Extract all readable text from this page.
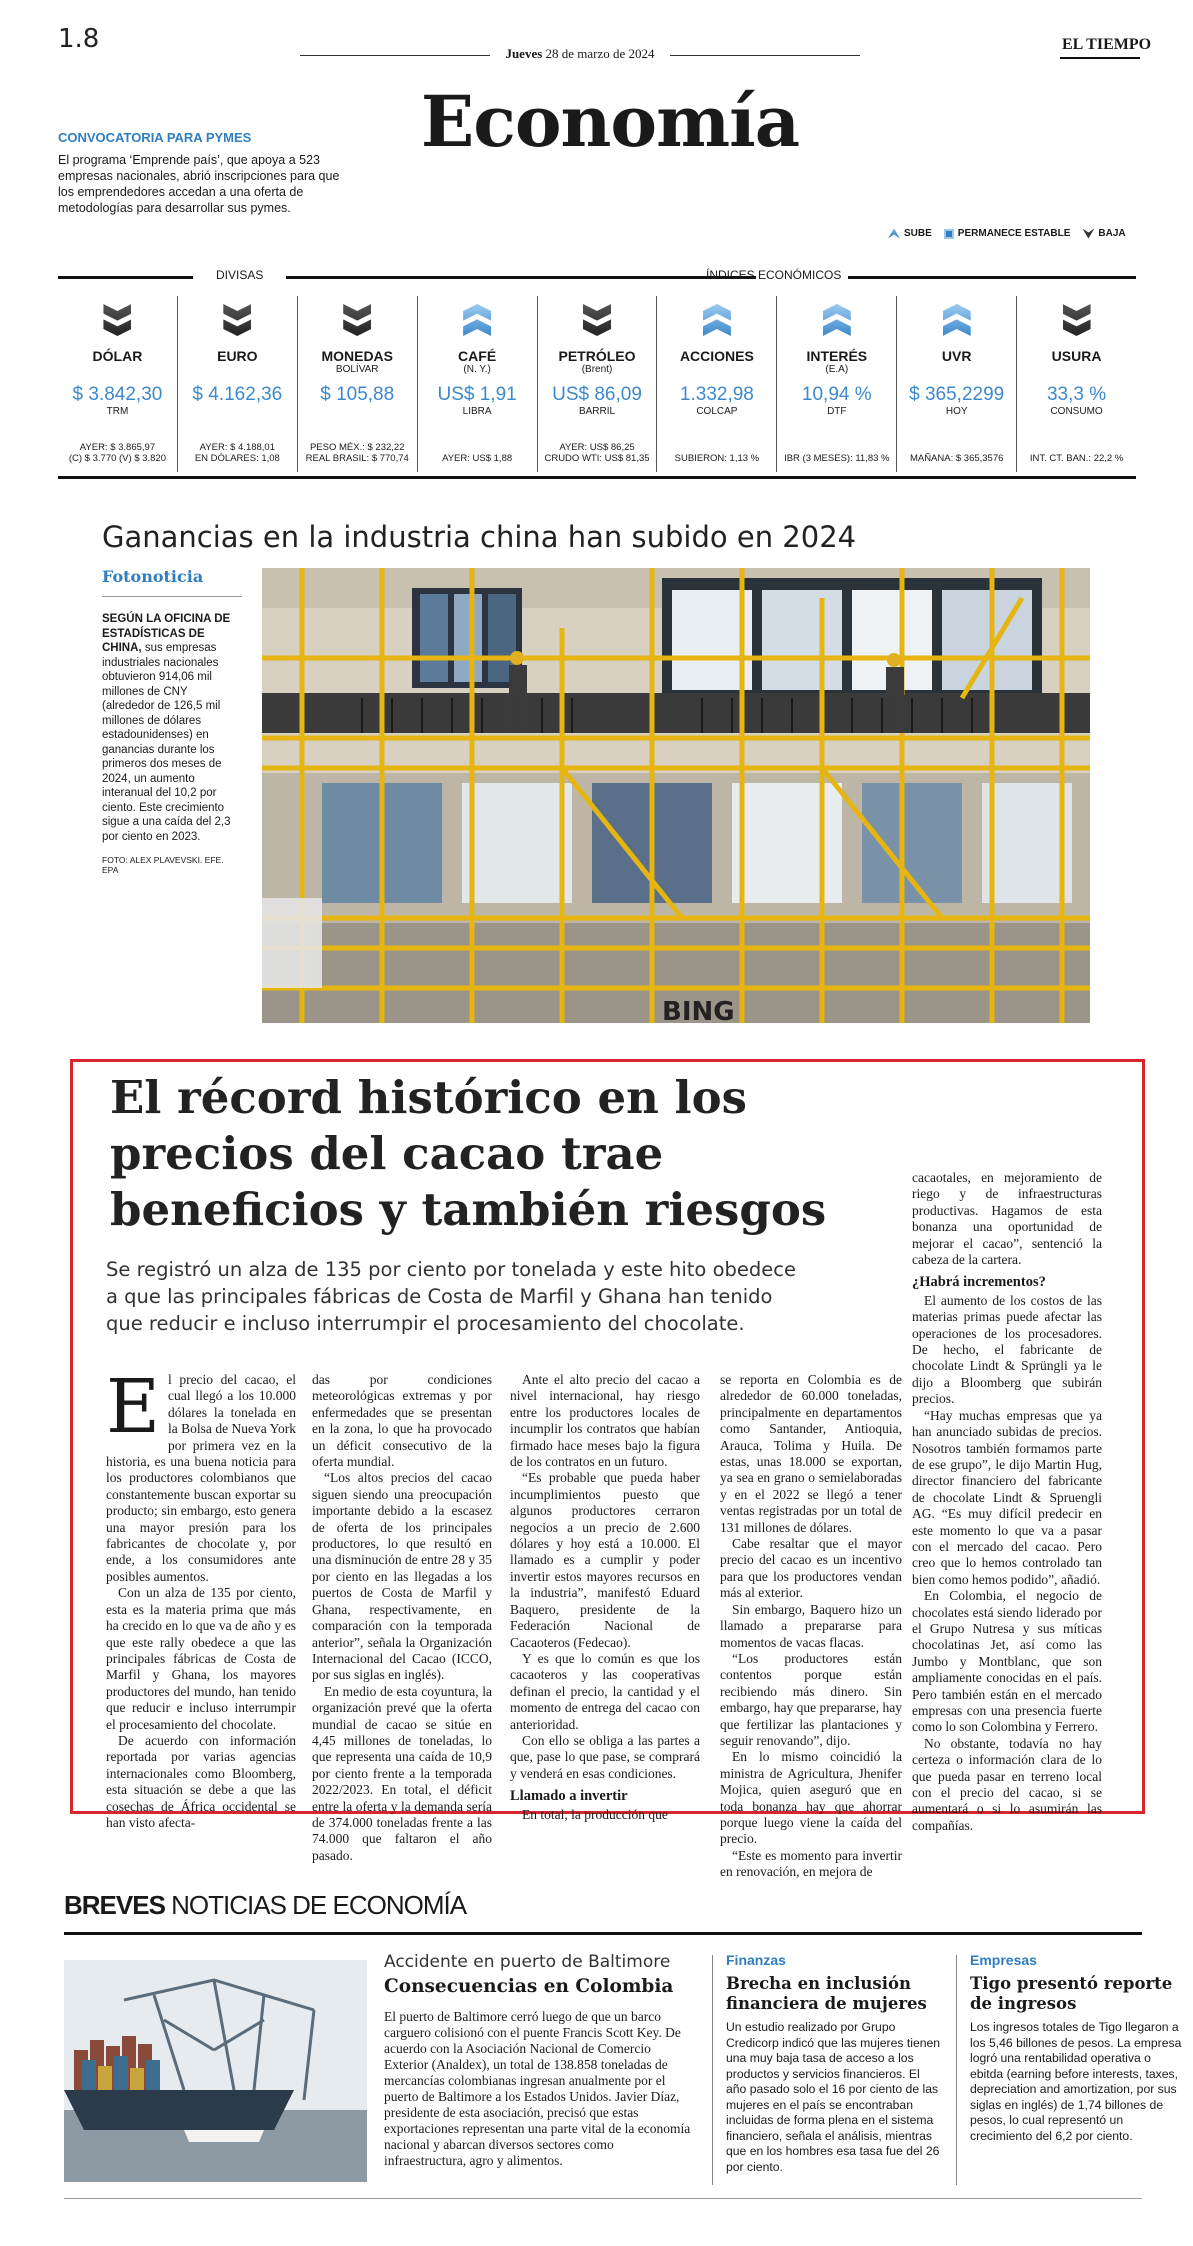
1.8	Jueves 28 de marzo de 2024
EL TIEMPO
Economía
CONVOCATORIA PARA PYMES
El programa ‘Emprende país’, que apoya a 523 empresas nacionales, abrió inscripciones para que los emprendedores accedan a una oferta de metodologías para desarrollar sus pymes.
SUBE	PERMANECE ESTABLE	BAJA
DIVISAS	ÍNDICES ECONÓMICOS
DÓLAR
$ 3.842,30
TRM
AYER: $ 3.865,97
(C) $ 3.770 (V) $ 3.820
EURO
$ 4.162,36
AYER: $ 4.188,01
EN DÓLARES: 1,08
MONEDAS
BOLÍVAR
$ 105,88
PESO MÉX.: $ 232,22
REAL BRASIL: $ 770,74
CAFÉ
(N. Y.)
US$ 1,91
LIBRA
AYER: US$ 1,88
PETRÓLEO
(Brent)
US$ 86,09
BARRIL
AYER: US$ 86,25
CRUDO WTI: US$ 81,35
ACCIONES
1.332,98
COLCAP
SUBIERON: 1,13 %
INTERÉS
(E.A)
10,94 %
DTF
IBR (3 MESES): 11,83 %
UVR
$ 365,2299
HOY
MAÑANA: $ 365,3576
USURA
33,3 %
CONSUMO
INT. CT. BAN.: 22,2 %
Ganancias en la industria china han subido en 2024
Fotonoticia
SEGÚN LA OFICINA DE ESTADÍSTICAS DE CHINA, sus empresas industriales nacionales obtuvieron 914,06 mil millones de CNY (alrededor de 126,5 mil millones de dólares estadounidenses) en ganancias durante los primeros dos meses de 2024, un aumento interanual del 10,2 por ciento. Este crecimiento sigue a una caída del 2,3 por ciento en 2023.
FOTO: ALEX PLAVEVSKI. EFE. EPA
BING
El récord histórico en los precios del cacao trae beneficios y también riesgos
Se registró un alza de 135 por ciento por tonelada y este hito obedece a que las principales fábricas de Costa de Marfil y Ghana han tenido que reducir e incluso interrumpir el procesamiento del chocolate.

El precio del cacao, el cual llegó a los 10.000 dólares la tonelada en la Bolsa de Nueva York por primera vez en la historia, es una buena noticia para los productores colombianos que constantemente buscan exportar su producto; sin embargo, esto genera una mayor presión para los fabricantes de chocolate y, por ende, a los consumidores ante posibles aumentos.

Con un alza de 135 por ciento, esta es la materia prima que más ha crecido en lo que va de año y es que este rally obedece a que las principales fábricas de Costa de Marfil y Ghana, los mayores productores del mundo, han tenido que reducir e incluso interrumpir el procesamiento del chocolate.

De acuerdo con información reportada por varias agencias internacionales como Bloomberg, esta situación se debe a que las cosechas de África occidental se han visto afecta-

das por condiciones meteorológicas extremas y por enfermedades que se presentan en la zona, lo que ha provocado un déficit consecutivo de la oferta mundial.

“Los altos precios del cacao siguen siendo una preocupación importante debido a la escasez de oferta de los principales productores, lo que resultó en una disminución de entre 28 y 35 por ciento en las llegadas a los puertos de Costa de Marfil y Ghana, respectivamente, en comparación con la temporada anterior”, señala la Organización Internacional del Cacao (ICCO, por sus siglas en inglés).

En medio de esta coyuntura, la organización prevé que la oferta mundial de cacao se sitúe en 4,45 millones de toneladas, lo que representa una caída de 10,9 por ciento frente a la temporada 2022/2023. En total, el déficit entre la oferta y la demanda sería de 374.000 toneladas frente a las 74.000 que faltaron el año pasado.

Ante el alto precio del cacao a nivel internacional, hay riesgo entre los productores locales de incumplir los contratos que habían firmado hace meses bajo la figura de los contratos en un futuro.

“Es probable que pueda haber incumplimientos puesto que algunos productores cerraron negocios a un precio de 2.600 dólares y hoy está a 10.000. El llamado es a cumplir y poder invertir estos mayores recursos en la industria”, manifestó Eduard Baquero, presidente de la Federación Nacional de Cacaoteros (Fedecao).

Y es que lo común es que los cacaoteros y las cooperativas definan el precio, la cantidad y el momento de entrega del cacao con anterioridad.

Con ello se obliga a las partes a que, pase lo que pase, se comprará y venderá en esas condiciones.

Llamado a invertir

En total, la producción que

se reporta en Colombia es de alrededor de 60.000 toneladas, principalmente en departamentos como Santander, Antioquia, Arauca, Tolima y Huila. De estas, unas 18.000 se exportan, ya sea en grano o semielaboradas y en el 2022 se llegó a tener ventas registradas por un total de 131 millones de dólares.

Cabe resaltar que el mayor precio del cacao es un incentivo para que los productores vendan más al exterior.

Sin embargo, Baquero hizo un llamado a prepararse para momentos de vacas flacas.

“Los productores están contentos porque están recibiendo más dinero. Sin embargo, hay que prepararse, hay que fertilizar las plantaciones y seguir renovando”, dijo.

En lo mismo coincidió la ministra de Agricultura, Jhenifer Mojica, quien aseguró que en toda bonanza hay que ahorrar porque luego viene la caída del precio.

“Este es momento para invertir en renovación, en mejora de

cacaotales, en mejoramiento de riego y de infraestructuras productivas. Hagamos de esta bonanza una oportunidad de mejorar el cacao”, sentenció la cabeza de la cartera.

¿Habrá incrementos?

El aumento de los costos de las materias primas puede afectar las operaciones de los procesadores. De hecho, el fabricante de chocolate Lindt & Sprüngli ya le dijo a Bloomberg que subirán precios.

“Hay muchas empresas que ya han anunciado subidas de precios. Nosotros también formamos parte de ese grupo”, le dijo Martin Hug, director financiero del fabricante de chocolate Lindt & Spruengli AG. “Es muy difícil predecir en este momento lo que va a pasar con el mercado del cacao. Pero creo que lo hemos controlado tan bien como hemos podido”, añadió.

En Colombia, el negocio de chocolates está siendo liderado por el Grupo Nutresa y sus míticas chocolatinas Jet, así como las Jumbo y Montblanc, que son ampliamente conocidas en el país. Pero también están en el mercado empresas con una presencia fuerte como lo son Colombina y Ferrero.

No obstante, todavía no hay certeza o información clara de lo que pueda pasar en terreno local con el precio del cacao, si se aumentará o si lo asumirán las compañías.

BREVES NOTICIAS DE ECONOMÍA
Accidente en puerto de Baltimore
Consecuencias en Colombia
El puerto de Baltimore cerró luego de que un barco carguero colisionó con el puente Francis Scott Key. De acuerdo con la Asociación Nacional de Comercio Exterior (Analdex), un total de 138.858 toneladas de mercancías colombianas ingresan anualmente por el puerto de Baltimore a los Estados Unidos. Javier Díaz, presidente de esta asociación, precisó que estas exportaciones representan una parte vital de la economía nacional y abarcan diversos sectores como infraestructura, agro y alimentos.
Finanzas
Brecha en inclusión financiera de mujeres
Un estudio realizado por Grupo Credicorp indicó que las mujeres tienen una muy baja tasa de acceso a los productos y servicios financieros. El año pasado solo el 16 por ciento de las mujeres en el país se encontraban incluidas de forma plena en el sistema financiero, señala el análisis, mientras que en los hombres esa tasa fue del 26 por ciento.
Empresas
Tigo presentó reporte de ingresos
Los ingresos totales de Tigo llegaron a los 5,46 billones de pesos. La empresa logró una rentabilidad operativa o ebitda (earning before interests, taxes, depreciation and amortization, por sus siglas en inglés) de 1,74 billones de pesos, lo cual representó un crecimiento del 6,2 por ciento.
